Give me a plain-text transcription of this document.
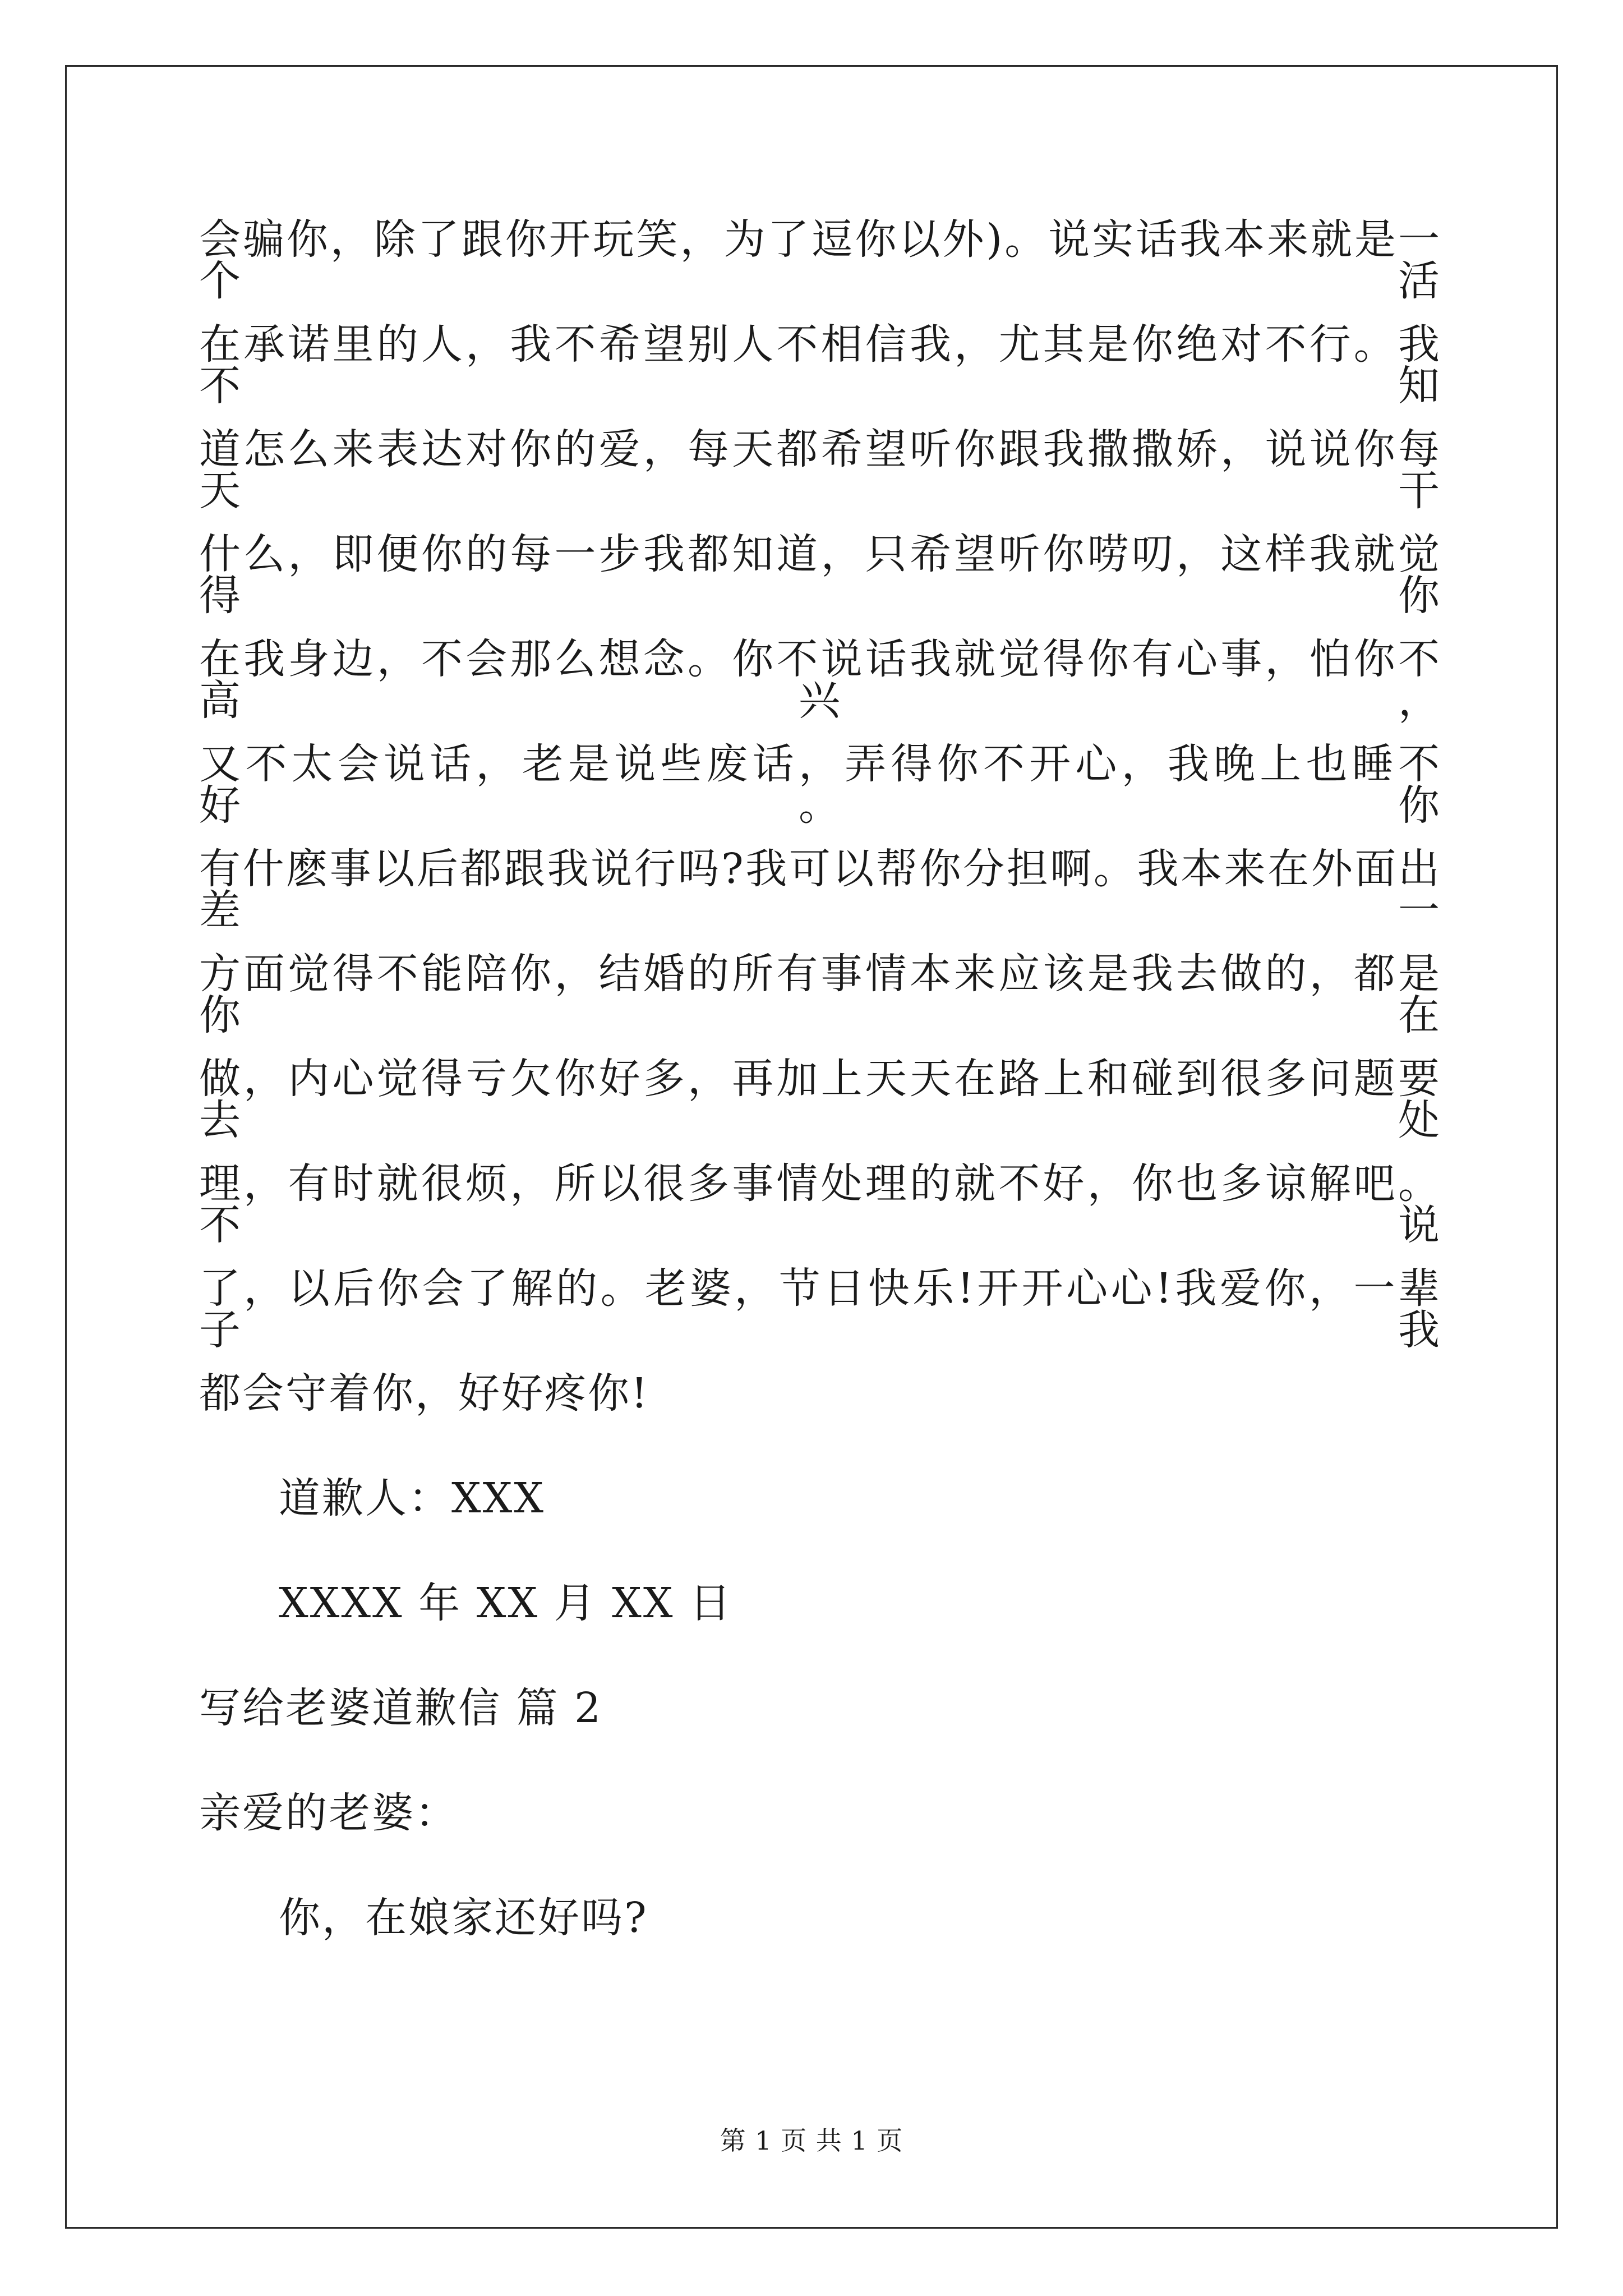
会骗你，除了跟你开玩笑，为了逗你以外)。说实话我本来就是一个活
在承诺里的人，我不希望别人不相信我，尤其是你绝对不行。我不知
道怎么来表达对你的爱，每天都希望听你跟我撒撒娇，说说你每天干
什么，即便你的每一步我都知道，只希望听你唠叨，这样我就觉得你
在我身边，不会那么想念。你不说话我就觉得你有心事，怕你不高兴，
又不太会说话，老是说些废话，弄得你不开心，我晚上也睡不好。你
有什麽事以后都跟我说行吗?我可以帮你分担啊。我本来在外面出差一
方面觉得不能陪你，结婚的所有事情本来应该是我去做的，都是你在
做，内心觉得亏欠你好多，再加上天天在路上和碰到很多问题要去处
理，有时就很烦，所以很多事情处理的就不好，你也多谅解吧。不说
了，以后你会了解的。老婆，节日快乐!开开心心!我爱你，一辈子我
都会守着你，好好疼你!
道歉人：XXX
XXXX 年 XX 月 XX 日
写给老婆道歉信 篇 2
亲爱的老婆：
你，在娘家还好吗?
第 1 页 共 1 页
